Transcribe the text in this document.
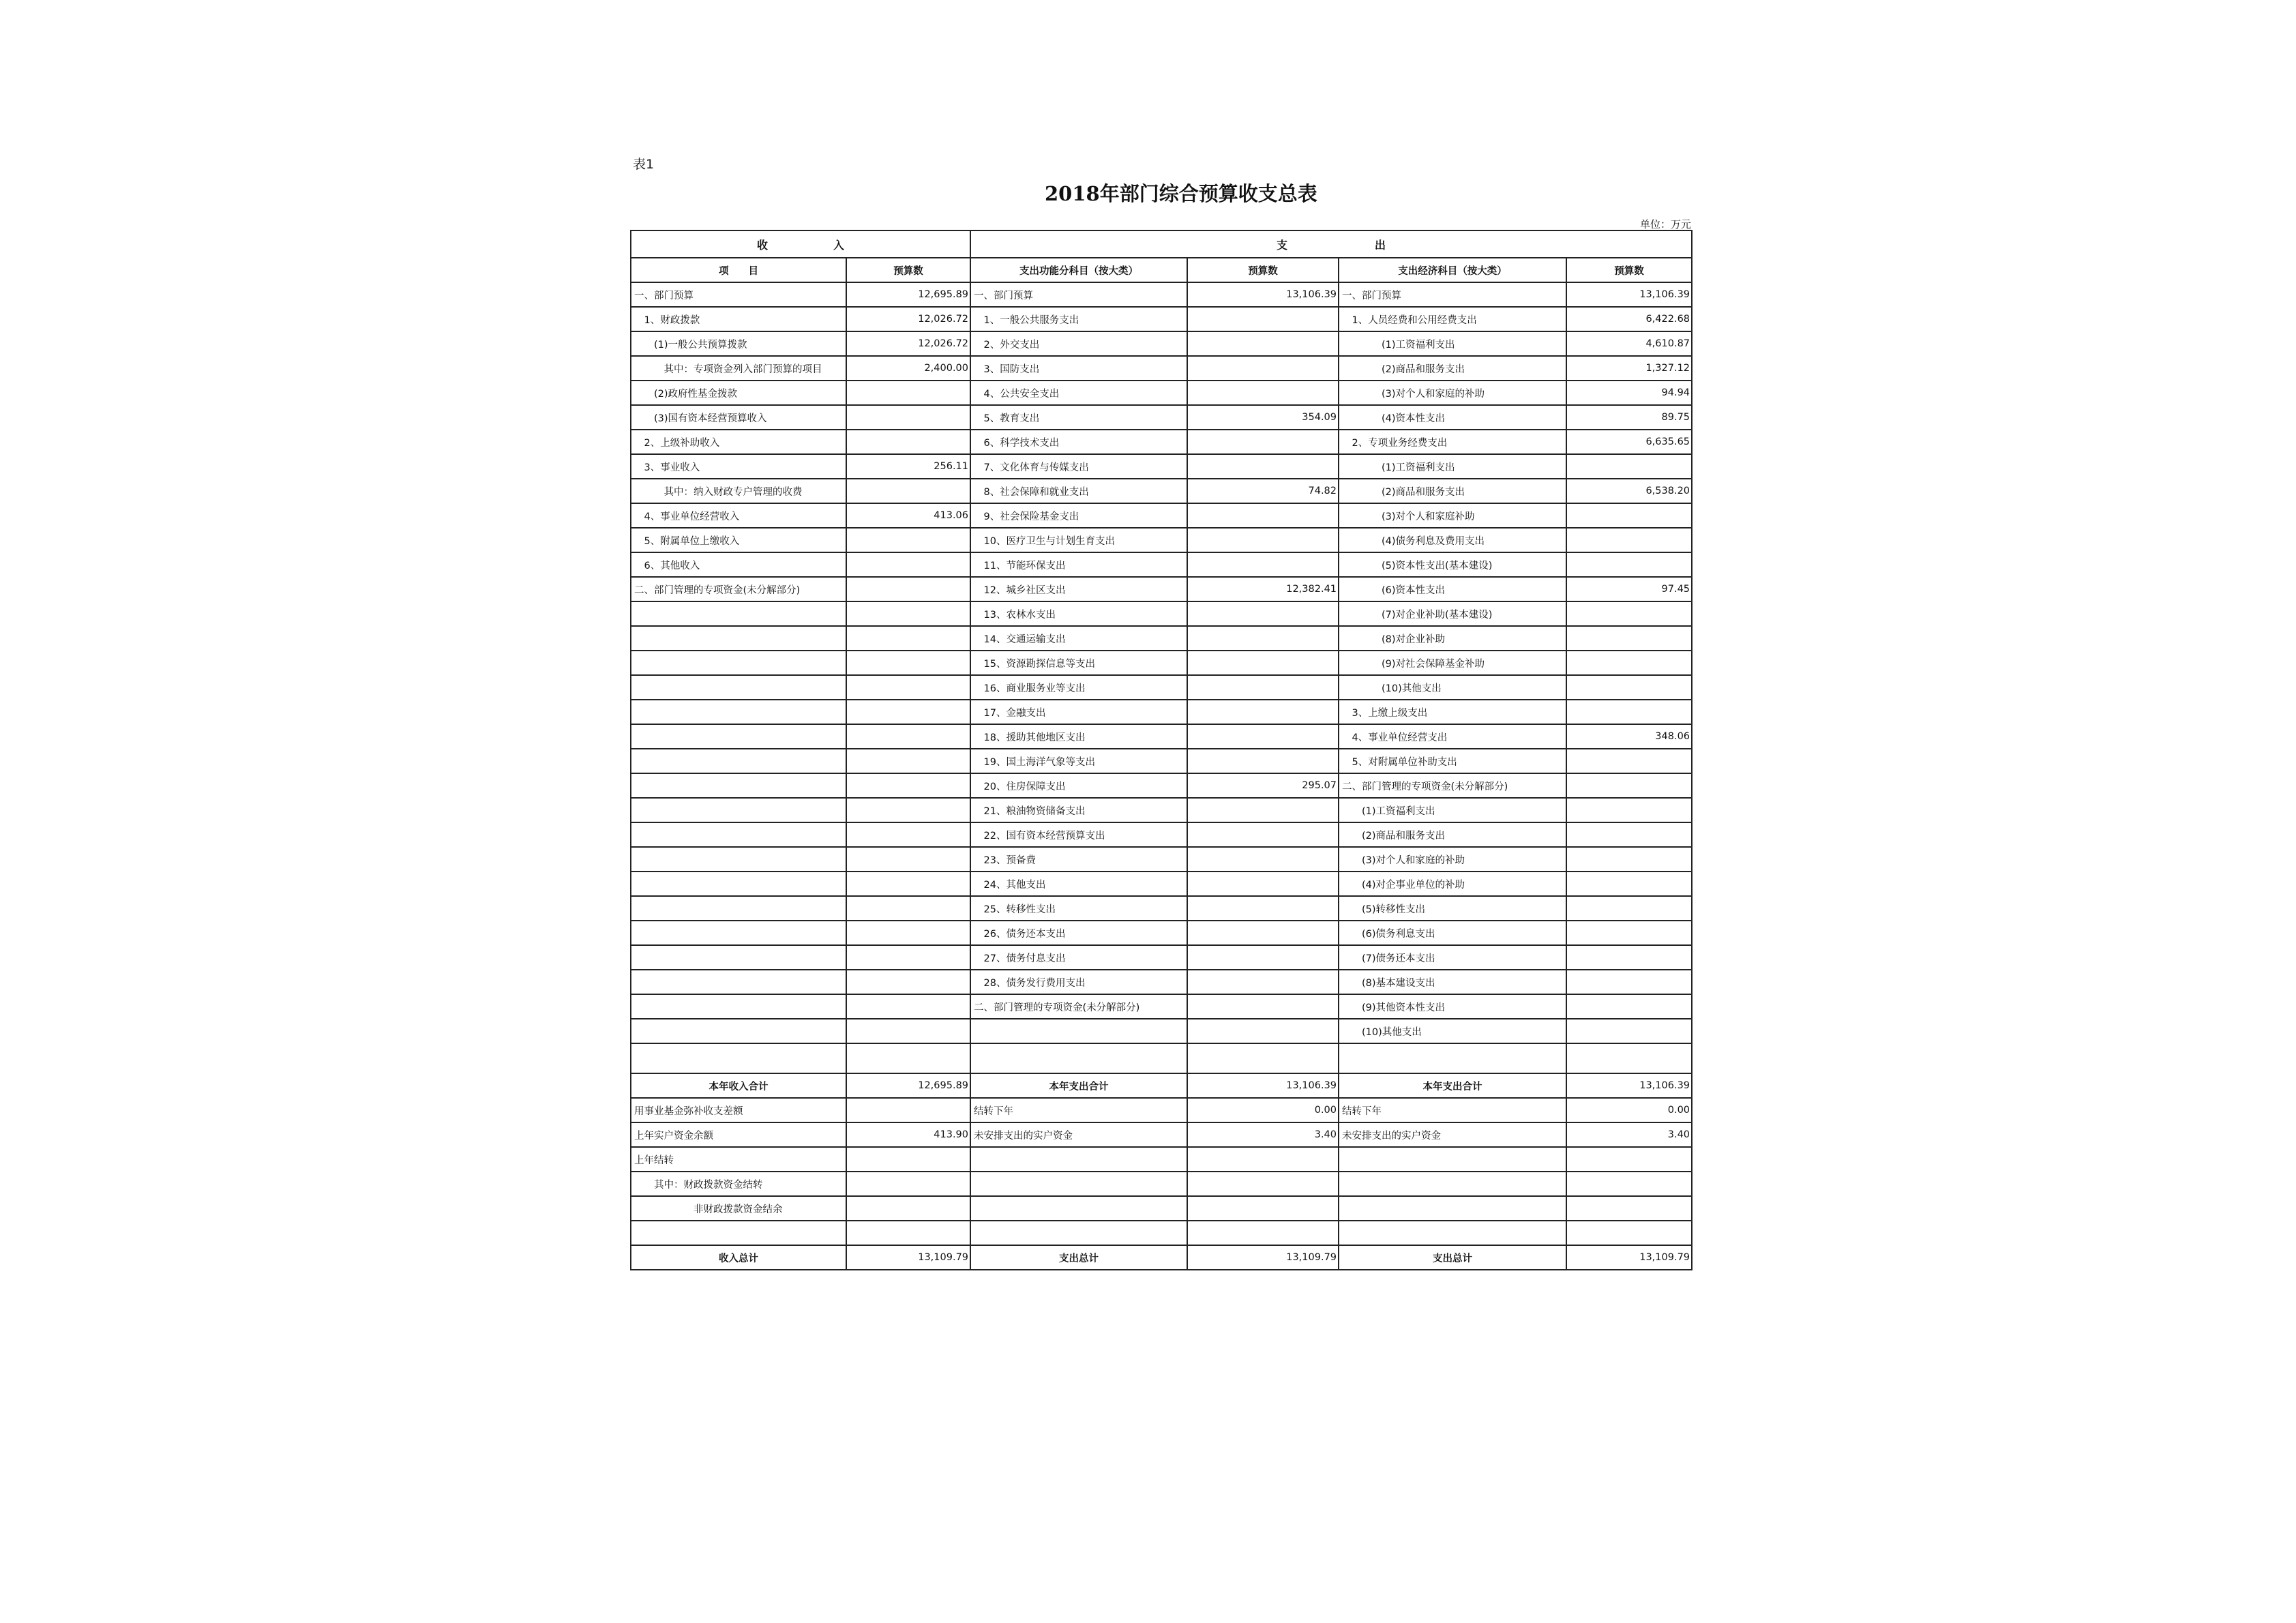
表1
2018年部门综合预算收支总表
单位：万元
收　　　　　　入		支　　　　　　　　出			
项　　目	预算数	支出功能分科目（按大类）	预算数	支出经济科目（按大类）	预算数
一、部门预算	12,695.89	一、部门预算	13,106.39	一、部门预算	13,106.39
　1、财政拨款	12,026.72	　1、一般公共服务支出		　1、人员经费和公用经费支出	6,422.68
　　(1)一般公共预算拨款	12,026.72	　2、外交支出		　　　　(1)工资福利支出	4,610.87
　　　其中：专项资金列入部门预算的项目	2,400.00	　3、国防支出		　　　　(2)商品和服务支出	1,327.12
　　(2)政府性基金拨款		　4、公共安全支出		　　　　(3)对个人和家庭的补助	94.94
　　(3)国有资本经营预算收入		　5、教育支出	354.09	　　　　(4)资本性支出	89.75
　2、上级补助收入		　6、科学技术支出		　2、专项业务经费支出	6,635.65
　3、事业收入	256.11	　7、文化体育与传媒支出		　　　　(1)工资福利支出	
　　　其中：纳入财政专户管理的收费		　8、社会保障和就业支出	74.82	　　　　(2)商品和服务支出	6,538.20
　4、事业单位经营收入	413.06	　9、社会保险基金支出		　　　　(3)对个人和家庭补助	
　5、附属单位上缴收入		　10、医疗卫生与计划生育支出		　　　　(4)债务利息及费用支出	
　6、其他收入		　11、节能环保支出		　　　　(5)资本性支出(基本建设)	
二、部门管理的专项资金(未分解部分)		　12、城乡社区支出	12,382.41	　　　　(6)资本性支出	97.45
		　13、农林水支出		　　　　(7)对企业补助(基本建设)	
		　14、交通运输支出		　　　　(8)对企业补助	
		　15、资源勘探信息等支出		　　　　(9)对社会保障基金补助	
		　16、商业服务业等支出		　　　　(10)其他支出	
		　17、金融支出		　3、上缴上级支出	
		　18、援助其他地区支出		　4、事业单位经营支出	348.06
		　19、国土海洋气象等支出		　5、对附属单位补助支出	
		　20、住房保障支出	295.07	二、部门管理的专项资金(未分解部分)	
		　21、粮油物资储备支出		　　(1)工资福利支出	
		　22、国有资本经营预算支出		　　(2)商品和服务支出	
		　23、预备费		　　(3)对个人和家庭的补助	
		　24、其他支出		　　(4)对企事业单位的补助	
		　25、转移性支出		　　(5)转移性支出	
		　26、债务还本支出		　　(6)债务利息支出	
		　27、债务付息支出		　　(7)债务还本支出	
		　28、债务发行费用支出		　　(8)基本建设支出	
		二、部门管理的专项资金(未分解部分)		　　(9)其他资本性支出	
				　　(10)其他支出	

本年收入合计	12,695.89	本年支出合计	13,106.39	本年支出合计	13,106.39
用事业基金弥补收支差额		结转下年	0.00	结转下年	0.00
上年实户资金余额	413.90	未安排支出的实户资金	3.40	未安排支出的实户资金	3.40
上年结转					
　　其中：财政拨款资金结转					
　　　　　　非财政拨款资金结余					

收入总计	13,109.79	支出总计	13,109.79	支出总计	13,109.79
